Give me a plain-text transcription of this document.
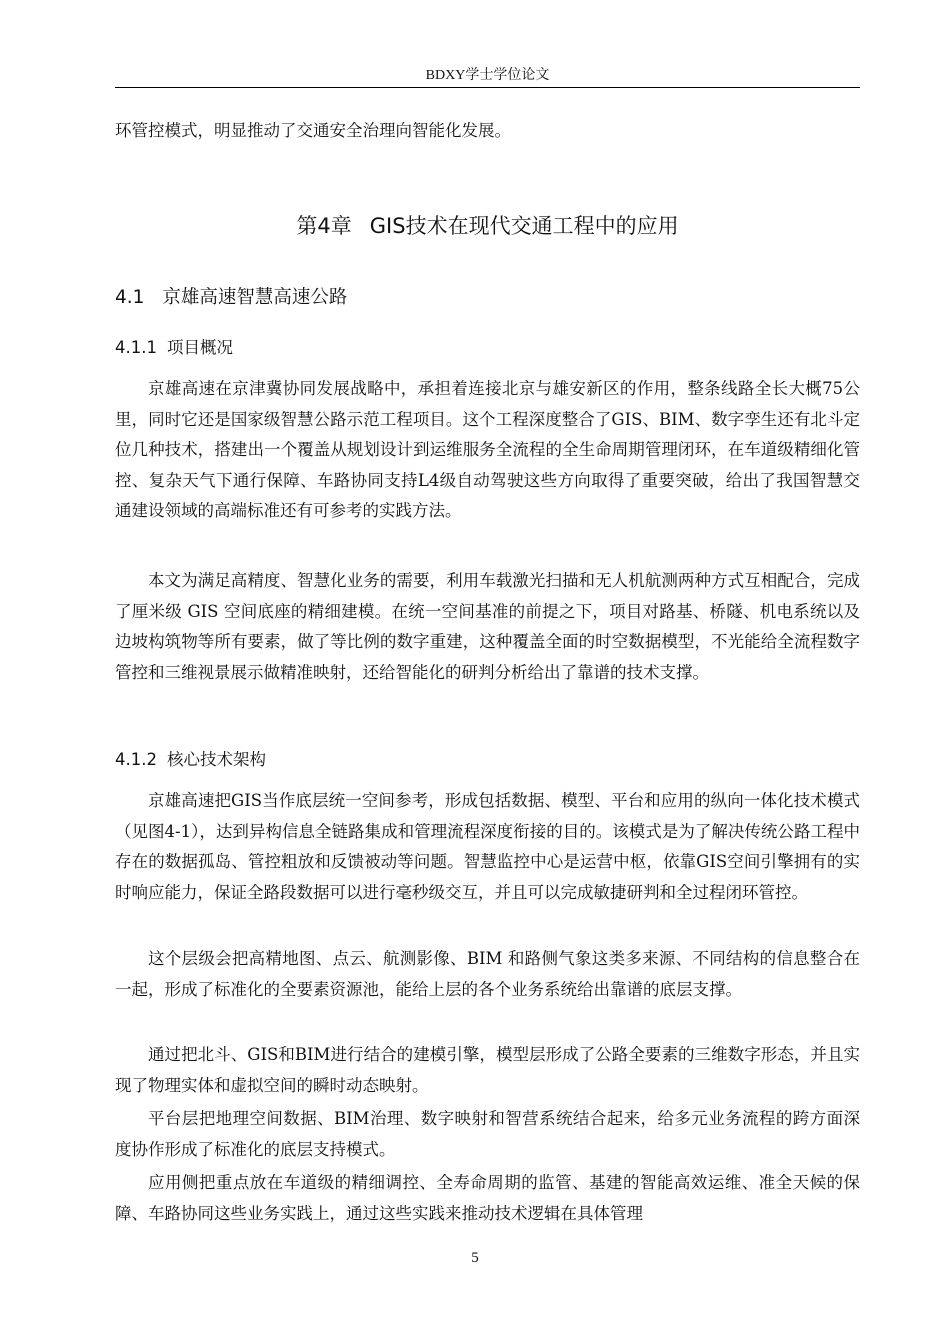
BDXY学士学位论文

环管控模式，明显推动了交通安全治理向智能化发展。

第4章 GIS技术在现代交通工程中的应用
4.1 京雄高速智慧高速公路
4.1.1 项目概况

京雄高速在京津冀协同发展战略中，承担着连接北京与雄安新区的作用，整条线路全长大概75公里，同时它还是国家级智慧公路示范工程项目。这个工程深度整合了GIS、BIM、数字孪生还有北斗定位几种技术，搭建出一个覆盖从规划设计到运维服务全流程的全生命周期管理闭环，在车道级精细化管控、复杂天气下通行保障、车路协同支持L4级自动驾驶这些方向取得了重要突破，给出了我国智慧交通建设领域的高端标准还有可参考的实践方法。

本文为满足高精度、智慧化业务的需要，利用车载激光扫描和无人机航测两种方式互相配合，完成了厘米级 GIS 空间底座的精细建模。在统一空间基准的前提之下，项目对路基、桥隧、机电系统以及边坡构筑物等所有要素，做了等比例的数字重建，这种覆盖全面的时空数据模型，不光能给全流程数字管控和三维视景展示做精准映射，还给智能化的研判分析给出了靠谱的技术支撑。

4.1.2 核心技术架构

京雄高速把GIS当作底层统一空间参考，形成包括数据、模型、平台和应用的纵向一体化技术模式（见图4-1），达到异构信息全链路集成和管理流程深度衔接的目的。该模式是为了解决传统公路工程中存在的数据孤岛、管控粗放和反馈被动等问题。智慧监控中心是运营中枢，依靠GIS空间引擎拥有的实时响应能力，保证全路段数据可以进行毫秒级交互，并且可以完成敏捷研判和全过程闭环管控。

这个层级会把高精地图、点云、航测影像、BIM 和路侧气象这类多来源、不同结构的信息整合在一起，形成了标准化的全要素资源池，能给上层的各个业务系统给出靠谱的底层支撑。

通过把北斗、GIS和BIM进行结合的建模引擎，模型层形成了公路全要素的三维数字形态，并且实现了物理实体和虚拟空间的瞬时动态映射。

平台层把地理空间数据、BIM治理、数字映射和智营系统结合起来，给多元业务流程的跨方面深度协作形成了标准化的底层支持模式。

应用侧把重点放在车道级的精细调控、全寿命周期的监管、基建的智能高效运维、准全天候的保障、车路协同这些业务实践上，通过这些实践来推动技术逻辑在具体管理

5
